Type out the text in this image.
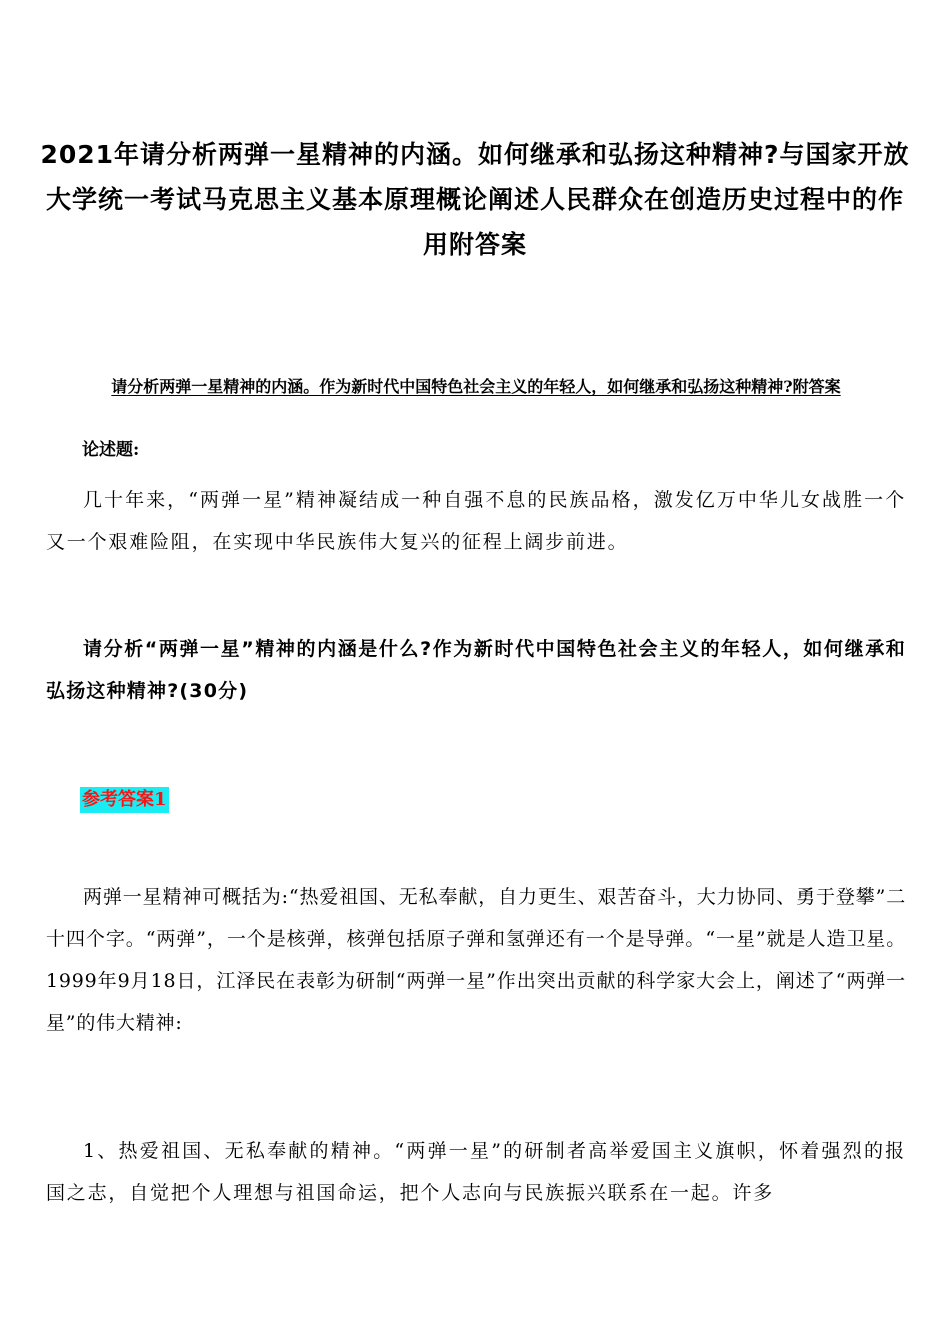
2021年请分析两弹一星精神的内涵。如何继承和弘扬这种精神?与国家开放大学统一考试马克思主义基本原理概论阐述人民群众在创造历史过程中的作用附答案
请分析两弹一星精神的内涵。作为新时代中国特色社会主义的年轻人，如何继承和弘扬这种精神?附答案
论述题:
几十年来，“两弹一星”精神凝结成一种自强不息的民族品格，激发亿万中华儿女战胜一个又一个艰难险阻，在实现中华民族伟大复兴的征程上阔步前进。
请分析“两弹一星”精神的内涵是什么?作为新时代中国特色社会主义的年轻人，如何继承和弘扬这种精神?(30分)
参考答案1
两弹一星精神可概括为:“热爱祖国、无私奉献，自力更生、艰苦奋斗，大力协同、勇于登攀”二十四个字。“两弹”，一个是核弹，核弹包括原子弹和氢弹还有一个是导弹。“一星”就是人造卫星。1999年9月18日，江泽民在表彰为研制“两弹一星”作出突出贡献的科学家大会上，阐述了“两弹一星”的伟大精神:
1、热爱祖国、无私奉献的精神。“两弹一星”的研制者高举爱国主义旗帜，怀着强烈的报国之志，自觉把个人理想与祖国命运，把个人志向与民族振兴联系在一起。许多
